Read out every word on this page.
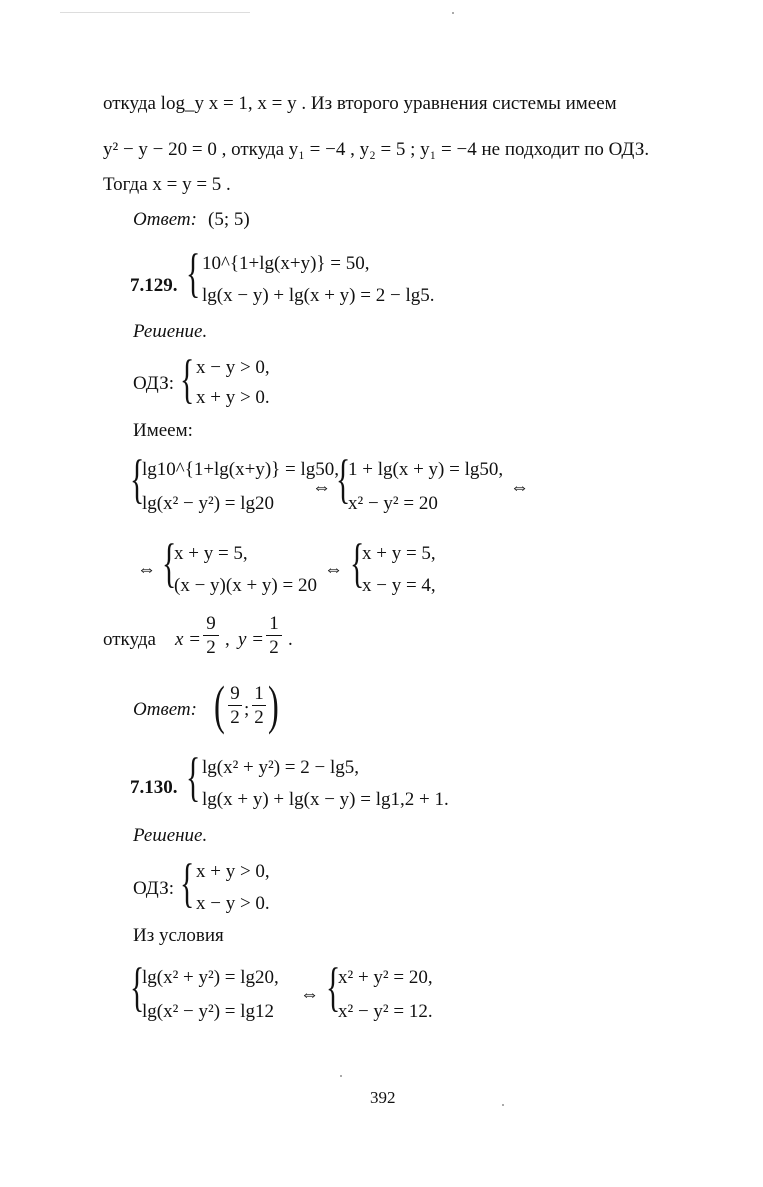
откуда log_y x = 1, x = y . Из второго уравнения системы имеем
y² − y − 20 = 0 , откуда y₁ = −4 , y₂ = 5 ; y₁ = −4 не подходит по ОДЗ.
Тогда x = y = 5 .
Ответ: (5; 5)
7.129. { 10^{1+lg(x+y)} = 50,
lg(x − y) + lg(x + y) = 2 − lg5.
Решение.
ОДЗ: { x − y > 0,
x + y > 0.
Имеем:
{
lg10^{1+lg(x+y)} = lg50,
lg(x² − y²) = lg20
⇔ {
1 + lg(x + y) = lg50,
x² − y² = 20
⇔
⇔ {
x + y = 5,
(x − y)(x + y) = 20
⇔ {
x + y = 5,
x − y = 4,
откуда x =
9
2 , y =
1
2 .
Ответ: ( 9
2 ;
1
2 )
7.130. { lg(x² + y²) = 2 − lg5,
lg(x + y) + lg(x − y) = lg1,2 + 1.
Решение.
ОДЗ: { x + y > 0,
x − y > 0.
Из условия
{
lg(x² + y²) = lg20,
lg(x² − y²) = lg12
⇔ {
x² + y² = 20,
x² − y² = 12.
392
